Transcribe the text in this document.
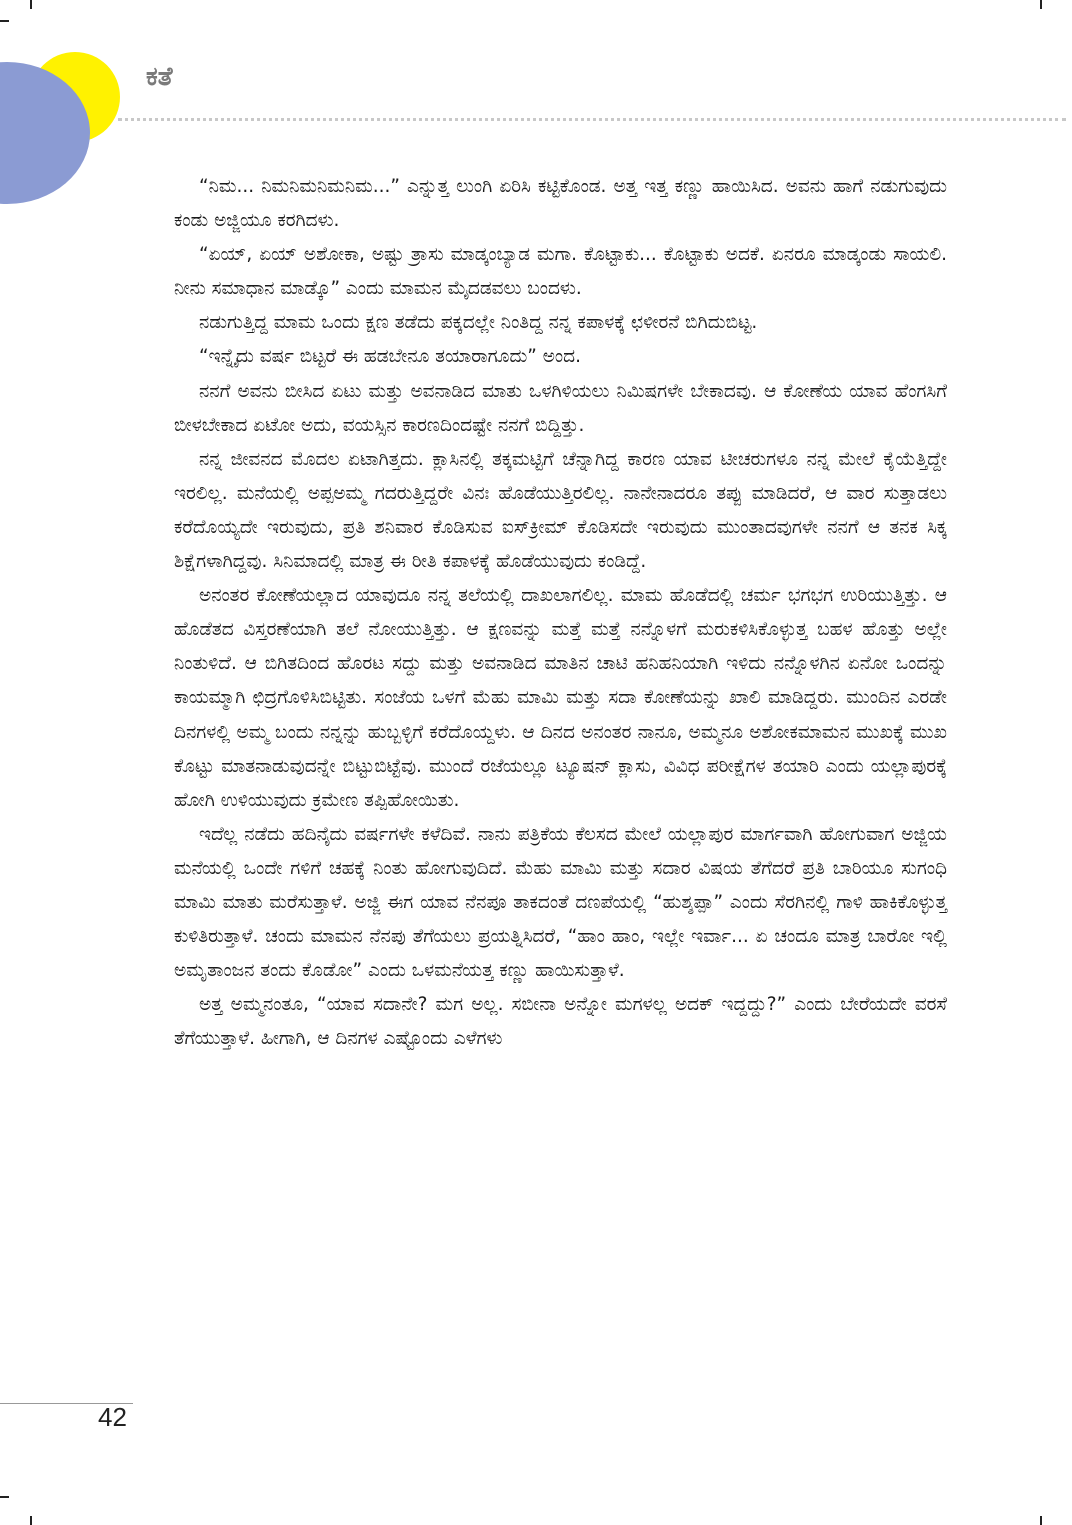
ಕತೆ

“ನಿಮ... ನಿಮನಿಮನಿಮನಿಮ...” ಎನ್ನುತ್ತ ಲುಂಗಿ ಏರಿಸಿ ಕಟ್ಟಿಕೊಂಡ. ಅತ್ತ ಇತ್ತ ಕಣ್ಣು ಹಾಯಿಸಿದ. ಅವನು ಹಾಗೆ ನಡುಗುವುದು ಕಂಡು ಅಜ್ಜಿಯೂ ಕರಗಿದಳು.

“ಏಯ್, ಏಯ್ ಅಶೋಕಾ, ಅಷ್ಟು ತ್ರಾಸು ಮಾಡ್ಕಂಬ್ಯಾಡ ಮಗಾ. ಕೊಟ್ಟಾಕು... ಕೊಟ್ಟಾಕು ಅದಕೆ. ಏನರೂ ಮಾಡ್ಕಂಡು ಸಾಯಲಿ. ನೀನು ಸಮಾಧಾನ ಮಾಡ್ಕೊ” ಎಂದು ಮಾಮನ ಮೈದಡವಲು ಬಂದಳು.

ನಡುಗುತ್ತಿದ್ದ ಮಾಮ ಒಂದು ಕ್ಷಣ ತಡೆದು ಪಕ್ಕದಲ್ಲೇ ನಿಂತಿದ್ದ ನನ್ನ ಕಪಾಳಕ್ಕೆ ಛಳೀರನೆ ಬಿಗಿದುಬಿಟ್ಟ.

“ಇನ್ನೈದು ವರ್ಷ ಬಿಟ್ಟರೆ ಈ ಹಡಬೇನೂ ತಯಾರಾಗೂದು” ಅಂದ.

ನನಗೆ ಅವನು ಬೀಸಿದ ಏಟು ಮತ್ತು ಅವನಾಡಿದ ಮಾತು ಒಳಗಿಳಿಯಲು ನಿಮಿಷಗಳೇ ಬೇಕಾದವು. ಆ ಕೋಣೆಯ ಯಾವ ಹೆಂಗಸಿಗೆ ಬೀಳಬೇಕಾದ ಏಟೋ ಅದು, ವಯಸ್ಸಿನ ಕಾರಣದಿಂದಷ್ಟೇ ನನಗೆ ಬಿದ್ದಿತ್ತು.

ನನ್ನ ಜೀವನದ ಮೊದಲ ಏಟಾಗಿತ್ತದು. ಕ್ಲಾಸಿನಲ್ಲಿ ತಕ್ಕಮಟ್ಟಿಗೆ ಚೆನ್ನಾಗಿದ್ದ ಕಾರಣ ಯಾವ ಟೀಚರುಗಳೂ ನನ್ನ ಮೇಲೆ ಕೈಯೆತ್ತಿದ್ದೇ ಇರಲಿಲ್ಲ. ಮನೆಯಲ್ಲಿ ಅಪ್ಪಅಮ್ಮ ಗದರುತ್ತಿದ್ದರೇ ವಿನಃ ಹೊಡೆಯುತ್ತಿರಲಿಲ್ಲ. ನಾನೇನಾದರೂ ತಪ್ಪು ಮಾಡಿದರೆ, ಆ ವಾರ ಸುತ್ತಾಡಲು ಕರೆದೊಯ್ಯದೇ ಇರುವುದು, ಪ್ರತಿ ಶನಿವಾರ ಕೊಡಿಸುವ ಐಸ್‌ಕ್ರೀಮ್ ಕೊಡಿಸದೇ ಇರುವುದು ಮುಂತಾದವುಗಳೇ ನನಗೆ ಆ ತನಕ ಸಿಕ್ಕ ಶಿಕ್ಷೆಗಳಾಗಿದ್ದವು. ಸಿನಿಮಾದಲ್ಲಿ ಮಾತ್ರ ಈ ರೀತಿ ಕಪಾಳಕ್ಕೆ ಹೊಡೆಯುವುದು ಕಂಡಿದ್ದೆ.

ಅನಂತರ ಕೋಣೆಯಲ್ಲಾದ ಯಾವುದೂ ನನ್ನ ತಲೆಯಲ್ಲಿ ದಾಖಲಾಗಲಿಲ್ಲ. ಮಾಮ ಹೊಡೆದಲ್ಲಿ ಚರ್ಮ ಭಗಭಗ ಉರಿಯುತ್ತಿತ್ತು. ಆ ಹೊಡೆತದ ವಿಸ್ತರಣೆಯಾಗಿ ತಲೆ ನೋಯುತ್ತಿತ್ತು. ಆ ಕ್ಷಣವನ್ನು ಮತ್ತೆ ಮತ್ತೆ ನನ್ನೊಳಗೆ ಮರುಕಳಿಸಿಕೊಳ್ಳುತ್ತ ಬಹಳ ಹೊತ್ತು ಅಲ್ಲೇ ನಿಂತುಳಿದೆ. ಆ ಬಿಗಿತದಿಂದ ಹೊರಟ ಸದ್ದು ಮತ್ತು ಅವನಾಡಿದ ಮಾತಿನ ಚಾಟಿ ಹನಿಹನಿಯಾಗಿ ಇಳಿದು ನನ್ನೊಳಗಿನ ಏನೋ ಒಂದನ್ನು ಕಾಯಮ್ಮಾಗಿ ಛಿದ್ರಗೊಳಿಸಿಬಿಟ್ಟಿತು. ಸಂಜೆಯ ಒಳಗೆ ಮೆಹು ಮಾಮಿ ಮತ್ತು ಸದಾ ಕೋಣೆಯನ್ನು ಖಾಲಿ ಮಾಡಿದ್ದರು. ಮುಂದಿನ ಎರಡೇ ದಿನಗಳಲ್ಲಿ ಅಮ್ಮ ಬಂದು ನನ್ನನ್ನು ಹುಬ್ಬಳ್ಳಿಗೆ ಕರೆದೊಯ್ದಳು. ಆ ದಿನದ ಅನಂತರ ನಾನೂ, ಅಮ್ಮನೂ ಅಶೋಕಮಾಮನ ಮುಖಕ್ಕೆ ಮುಖ ಕೊಟ್ಟು ಮಾತನಾಡುವುದನ್ನೇ ಬಿಟ್ಟುಬಿಟ್ಟೆವು. ಮುಂದೆ ರಜೆಯಲ್ಲೂ ಟ್ಯೂಷನ್ ಕ್ಲಾಸು, ವಿವಿಧ ಪರೀಕ್ಷೆಗಳ ತಯಾರಿ ಎಂದು ಯಲ್ಲಾಪುರಕ್ಕೆ ಹೋಗಿ ಉಳಿಯುವುದು ಕ್ರಮೇಣ ತಪ್ಪಿಹೋಯಿತು.

ಇದೆಲ್ಲ ನಡೆದು ಹದಿನೈದು ವರ್ಷಗಳೇ ಕಳೆದಿವೆ. ನಾನು ಪತ್ರಿಕೆಯ ಕೆಲಸದ ಮೇಲೆ ಯಲ್ಲಾಪುರ ಮಾರ್ಗವಾಗಿ ಹೋಗುವಾಗ ಅಜ್ಜಿಯ ಮನೆಯಲ್ಲಿ ಒಂದೇ ಗಳಿಗೆ ಚಹಕ್ಕೆ ನಿಂತು ಹೋಗುವುದಿದೆ. ಮೆಹು ಮಾಮಿ ಮತ್ತು ಸದಾರ ವಿಷಯ ತೆಗೆದರೆ ಪ್ರತಿ ಬಾರಿಯೂ ಸುಗಂಧಿ ಮಾಮಿ ಮಾತು ಮರೆಸುತ್ತಾಳೆ. ಅಜ್ಜಿ ಈಗ ಯಾವ ನೆನಪೂ ತಾಕದಂತೆ ದಣಪೆಯಲ್ಲಿ “ಹುಶ್ಶಪ್ಪಾ” ಎಂದು ಸೆರಗಿನಲ್ಲಿ ಗಾಳಿ ಹಾಕಿಕೊಳ್ಳುತ್ತ ಕುಳಿತಿರುತ್ತಾಳೆ. ಚಂದು ಮಾಮನ ನೆನಪು ತೆಗೆಯಲು ಪ್ರಯತ್ನಿಸಿದರೆ, “ಹಾಂ ಹಾಂ, ಇಲ್ಲೇ ಇರ್ವಾ... ಏ ಚಂದೂ ಮಾತ್ರ ಬಾರೋ ಇಲ್ಲಿ ಅಮೃತಾಂಜನ ತಂದು ಕೊಡೋ” ಎಂದು ಒಳಮನೆಯತ್ತ ಕಣ್ಣು ಹಾಯಿಸುತ್ತಾಳೆ.

ಅತ್ತ ಅಮ್ಮನಂತೂ, “ಯಾವ ಸದಾನೇ? ಮಗ ಅಲ್ಲ. ಸಬೀನಾ ಅನ್ನೋ ಮಗಳಲ್ಲ ಅದಕ್ ಇದ್ದದ್ದು?” ಎಂದು ಬೇರೆಯದೇ ವರಸೆ ತೆಗೆಯುತ್ತಾಳೆ. ಹೀಗಾಗಿ, ಆ ದಿನಗಳ ಎಷ್ಟೊಂದು ಎಳೆಗಳು

42
